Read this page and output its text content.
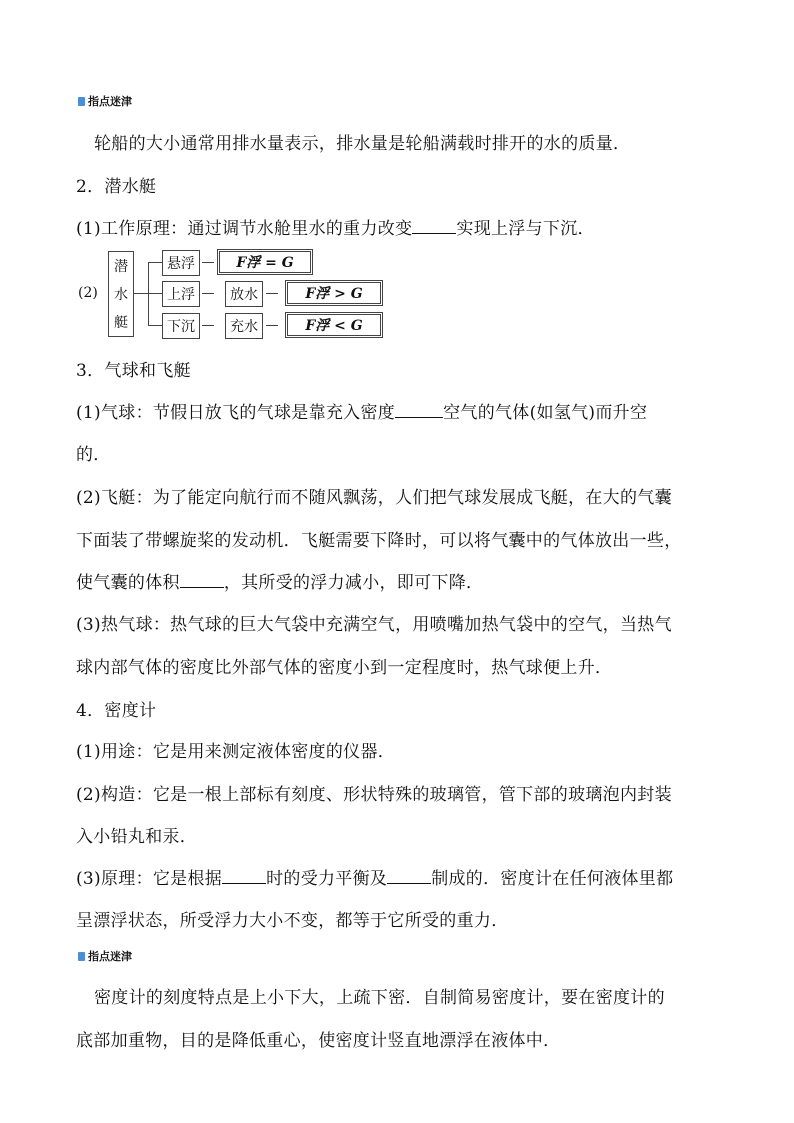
指点迷津
轮船的大小通常用排水量表示，排水量是轮船满载时排开的水的质量．
2．潜水艇
(1)工作原理：通过调节水舱里水的重力改变	实现上浮与下沉．
(2)
潜
水
艇
悬浮	F浮 = G
上浮	放水	F浮 > G
下沉	充水	F浮 < G
3．气球和飞艇
(1)气球：节假日放飞的气球是靠充入密度	空气的气体(如氢气)而升空
的．
(2)飞艇：为了能定向航行而不随风飘荡，人们把气球发展成飞艇，在大的气囊
下面装了带螺旋桨的发动机．飞艇需要下降时，可以将气囊中的气体放出一些，
使气囊的体积	，其所受的浮力减小，即可下降．
(3)热气球：热气球的巨大气袋中充满空气，用喷嘴加热气袋中的空气，当热气
球内部气体的密度比外部气体的密度小到一定程度时，热气球便上升．
4．密度计
(1)用途：它是用来测定液体密度的仪器．
(2)构造：它是一根上部标有刻度、形状特殊的玻璃管，管下部的玻璃泡内封装
入小铅丸和汞．
(3)原理：它是根据	时的受力平衡及	制成的．密度计在任何液体里都
呈漂浮状态，所受浮力大小不变，都等于它所受的重力．
指点迷津
密度计的刻度特点是上小下大，上疏下密．自制简易密度计，要在密度计的
底部加重物，目的是降低重心，使密度计竖直地漂浮在液体中．
